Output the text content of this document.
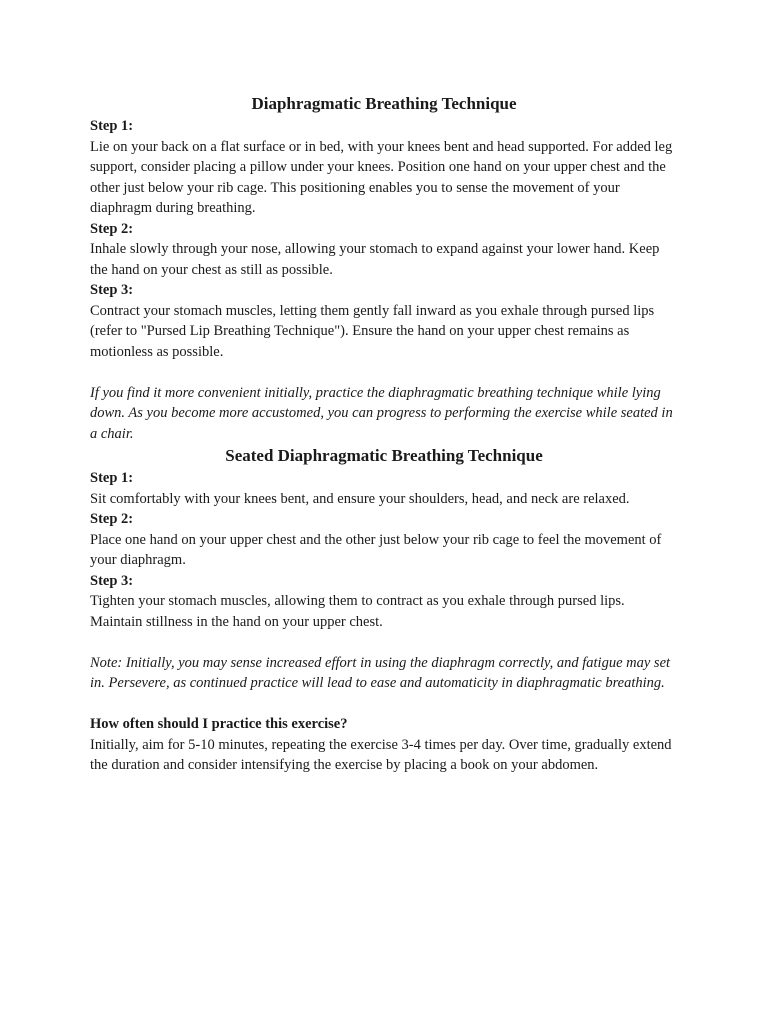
Diaphragmatic Breathing Technique
Step 1:

Lie on your back on a flat surface or in bed, with your knees bent and head supported. For added leg support, consider placing a pillow under your knees. Position one hand on your upper chest and the other just below your rib cage. This positioning enables you to sense the movement of your diaphragm during breathing.

Step 2:

Inhale slowly through your nose, allowing your stomach to expand against your lower hand. Keep the hand on your chest as still as possible.

Step 3:

Contract your stomach muscles, letting them gently fall inward as you exhale through pursed lips (refer to "Pursed Lip Breathing Technique"). Ensure the hand on your upper chest remains as motionless as possible.

If you find it more convenient initially, practice the diaphragmatic breathing technique while lying down. As you become more accustomed, you can progress to performing the exercise while seated in a chair.

Seated Diaphragmatic Breathing Technique
Step 1:

Sit comfortably with your knees bent, and ensure your shoulders, head, and neck are relaxed.

Step 2:

Place one hand on your upper chest and the other just below your rib cage to feel the movement of your diaphragm.

Step 3:

Tighten your stomach muscles, allowing them to contract as you exhale through pursed lips. Maintain stillness in the hand on your upper chest.

Note: Initially, you may sense increased effort in using the diaphragm correctly, and fatigue may set in. Persevere, as continued practice will lead to ease and automaticity in diaphragmatic breathing.

How often should I practice this exercise?

Initially, aim for 5-10 minutes, repeating the exercise 3-4 times per day. Over time, gradually extend the duration and consider intensifying the exercise by placing a book on your abdomen.
